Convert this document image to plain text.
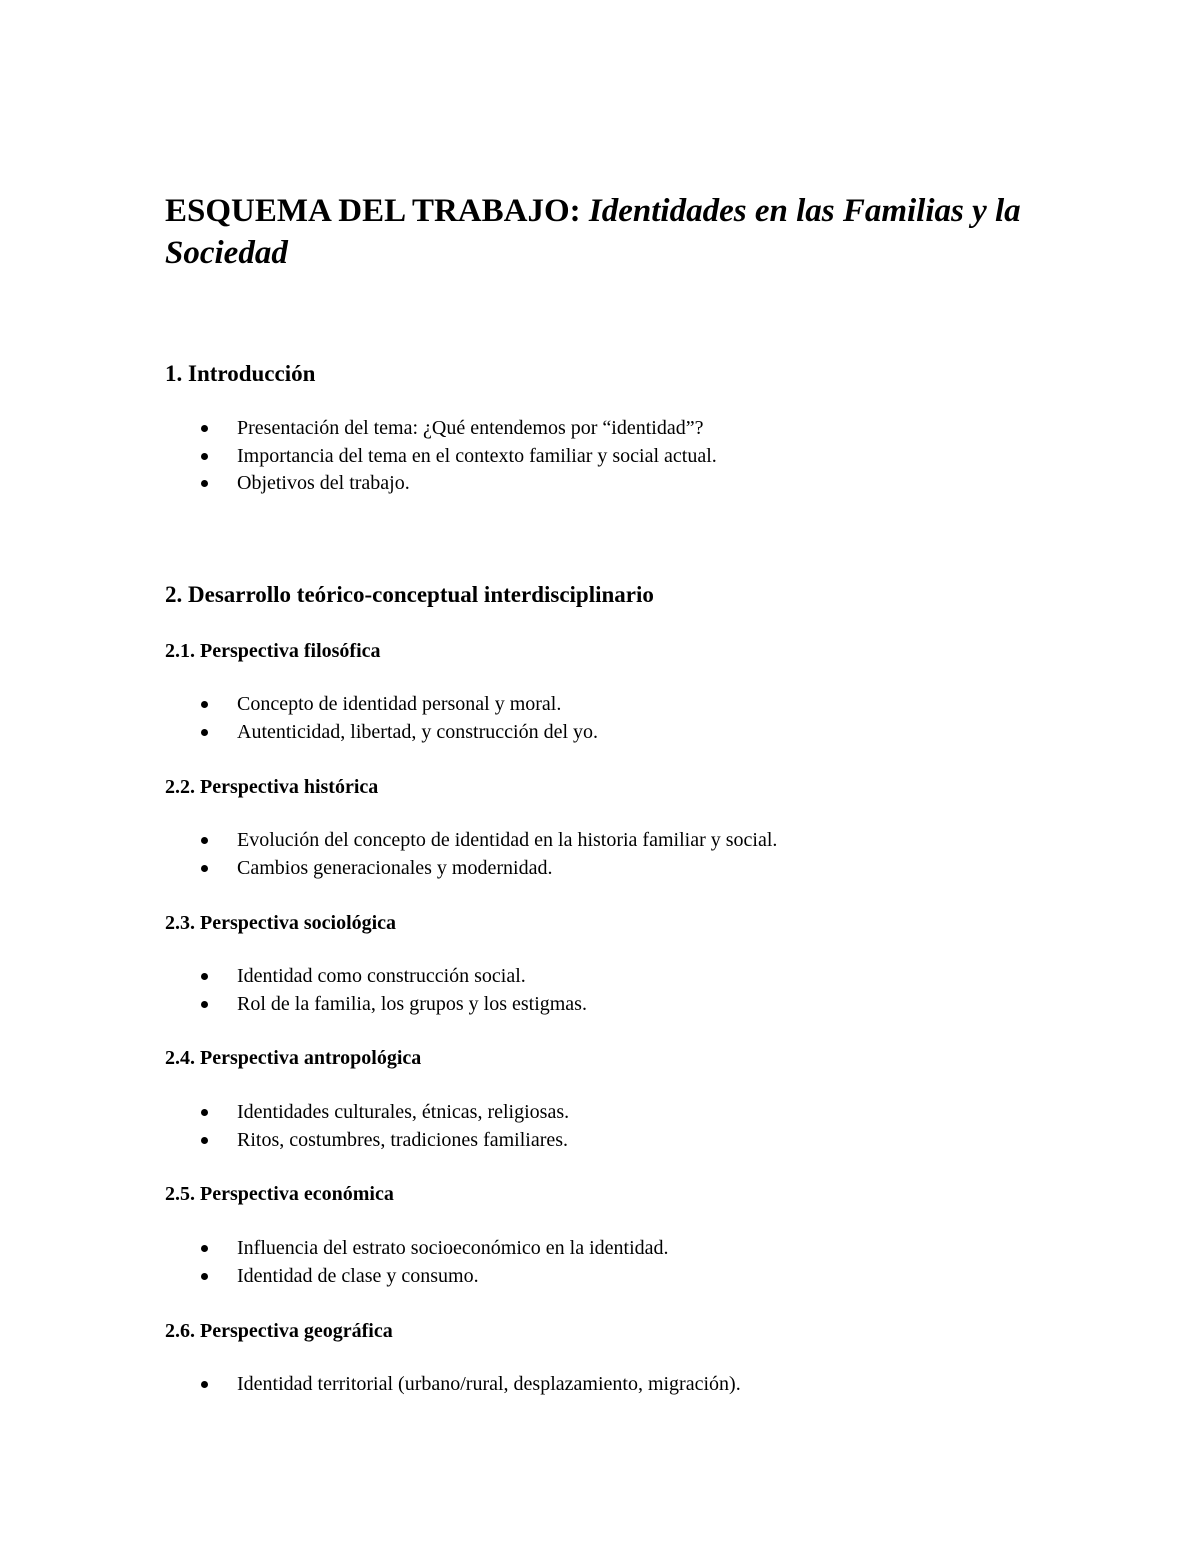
ESQUEMA DEL TRABAJO: Identidades en las Familias y la Sociedad
1. Introducción
Presentación del tema: ¿Qué entendemos por “identidad”?
Importancia del tema en el contexto familiar y social actual.
Objetivos del trabajo.
2. Desarrollo teórico-conceptual interdisciplinario
2.1. Perspectiva filosófica
Concepto de identidad personal y moral.
Autenticidad, libertad, y construcción del yo.
2.2. Perspectiva histórica
Evolución del concepto de identidad en la historia familiar y social.
Cambios generacionales y modernidad.
2.3. Perspectiva sociológica
Identidad como construcción social.
Rol de la familia, los grupos y los estigmas.
2.4. Perspectiva antropológica
Identidades culturales, étnicas, religiosas.
Ritos, costumbres, tradiciones familiares.
2.5. Perspectiva económica
Influencia del estrato socioeconómico en la identidad.
Identidad de clase y consumo.
2.6. Perspectiva geográfica
Identidad territorial (urbano/rural, desplazamiento, migración).
